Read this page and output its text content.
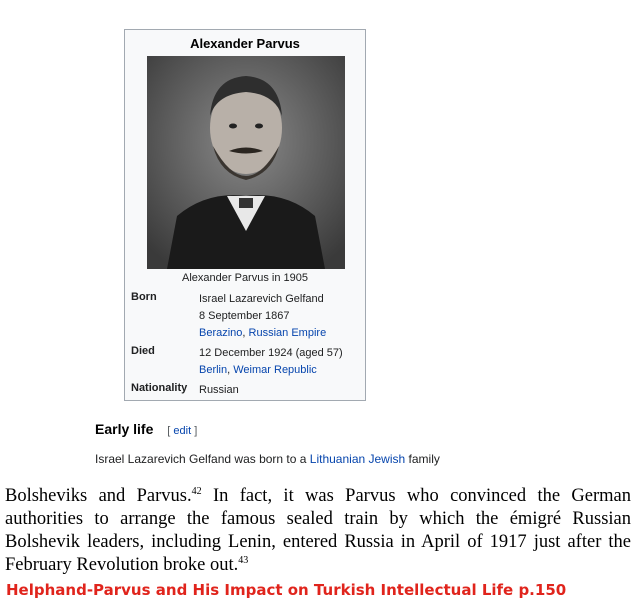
Alexander Parvus
Alexander Parvus in 1905
Born	Israel Lazarevich Gelfand
8 September 1867
Berazino, Russian Empire
Died	12 December 1924 (aged 57)
Berlin, Weimar Republic
Nationality	Russian
Early life [ edit ]
Israel Lazarevich Gelfand was born to a Lithuanian Jewish family
Bolsheviks and Parvus.$^{42}$ In fact, it was Parvus who convinced the German authorities to arrange the famous sealed train by which the émigré Russian Bolshevik leaders, including Lenin, entered Russia in April of 1917 just after the February Revolution broke out.$^{43}$
Helphand-Parvus and His Impact on Turkish Intellectual Life p.150
